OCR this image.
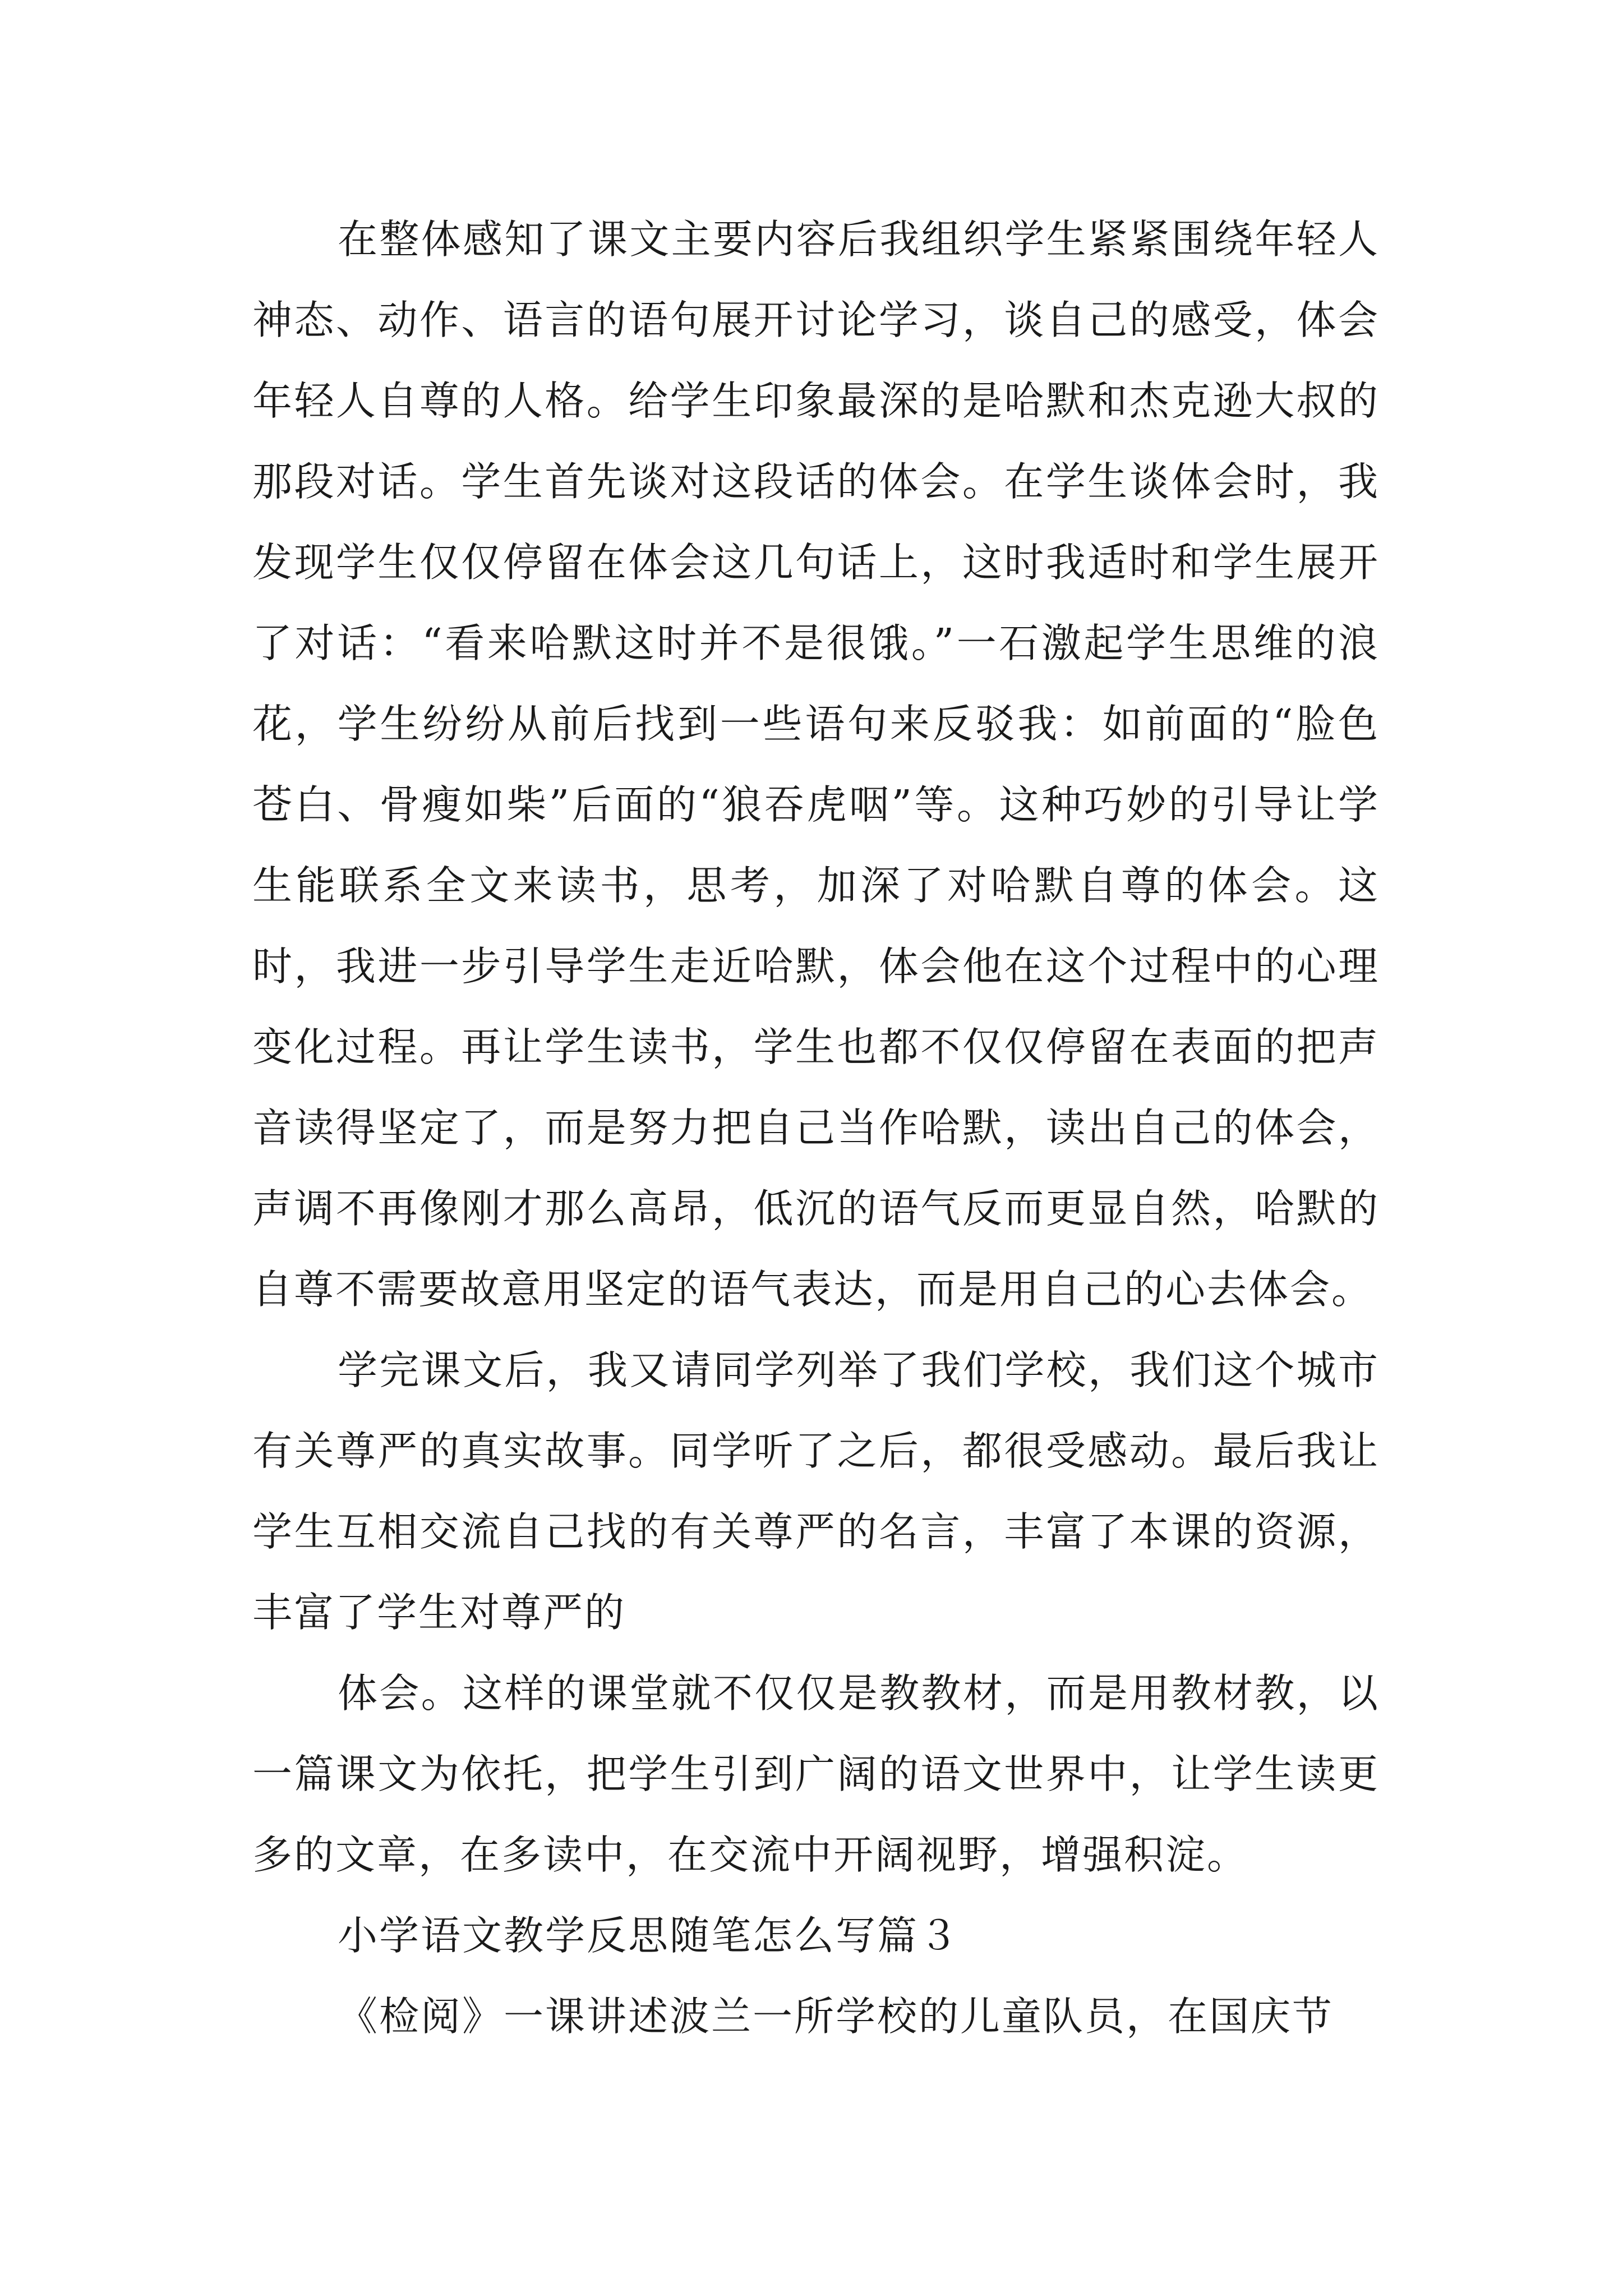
在整体感知了课文主要内容后我组织学生紧紧围绕年轻人神态、动作、语言的语句展开讨论学习，谈自己的感受，体会年轻人自尊的人格。给学生印象最深的是哈默和杰克逊大叔的那段对话。学生首先谈对这段话的体会。在学生谈体会时，我发现学生仅仅停留在体会这几句话上，这时我适时和学生展开了对话：“看来哈默这时并不是很饿。”一石激起学生思维的浪花，学生纷纷从前后找到一些语句来反驳我：如前面的“脸色苍白、骨瘦如柴”后面的“狼吞虎咽”等。这种巧妙的引导让学生能联系全文来读书，思考，加深了对哈默自尊的体会。这时，我进一步引导学生走近哈默，体会他在这个过程中的心理变化过程。再让学生读书，学生也都不仅仅停留在表面的把声音读得坚定了，而是努力把自己当作哈默，读出自己的体会，声调不再像刚才那么高昂，低沉的语气反而更显自然，哈默的自尊不需要故意用坚定的语气表达，而是用自己的心去体会。

学完课文后，我又请同学列举了我们学校，我们这个城市有关尊严的真实故事。同学听了之后，都很受感动。最后我让学生互相交流自己找的有关尊严的名言，丰富了本课的资源，丰富了学生对尊严的

体会。这样的课堂就不仅仅是教教材，而是用教材教，以一篇课文为依托，把学生引到广阔的语文世界中，让学生读更多的文章，在多读中，在交流中开阔视野，增强积淀。

小学语文教学反思随笔怎么写篇３

《检阅》一课讲述波兰一所学校的儿童队员，在国庆节
